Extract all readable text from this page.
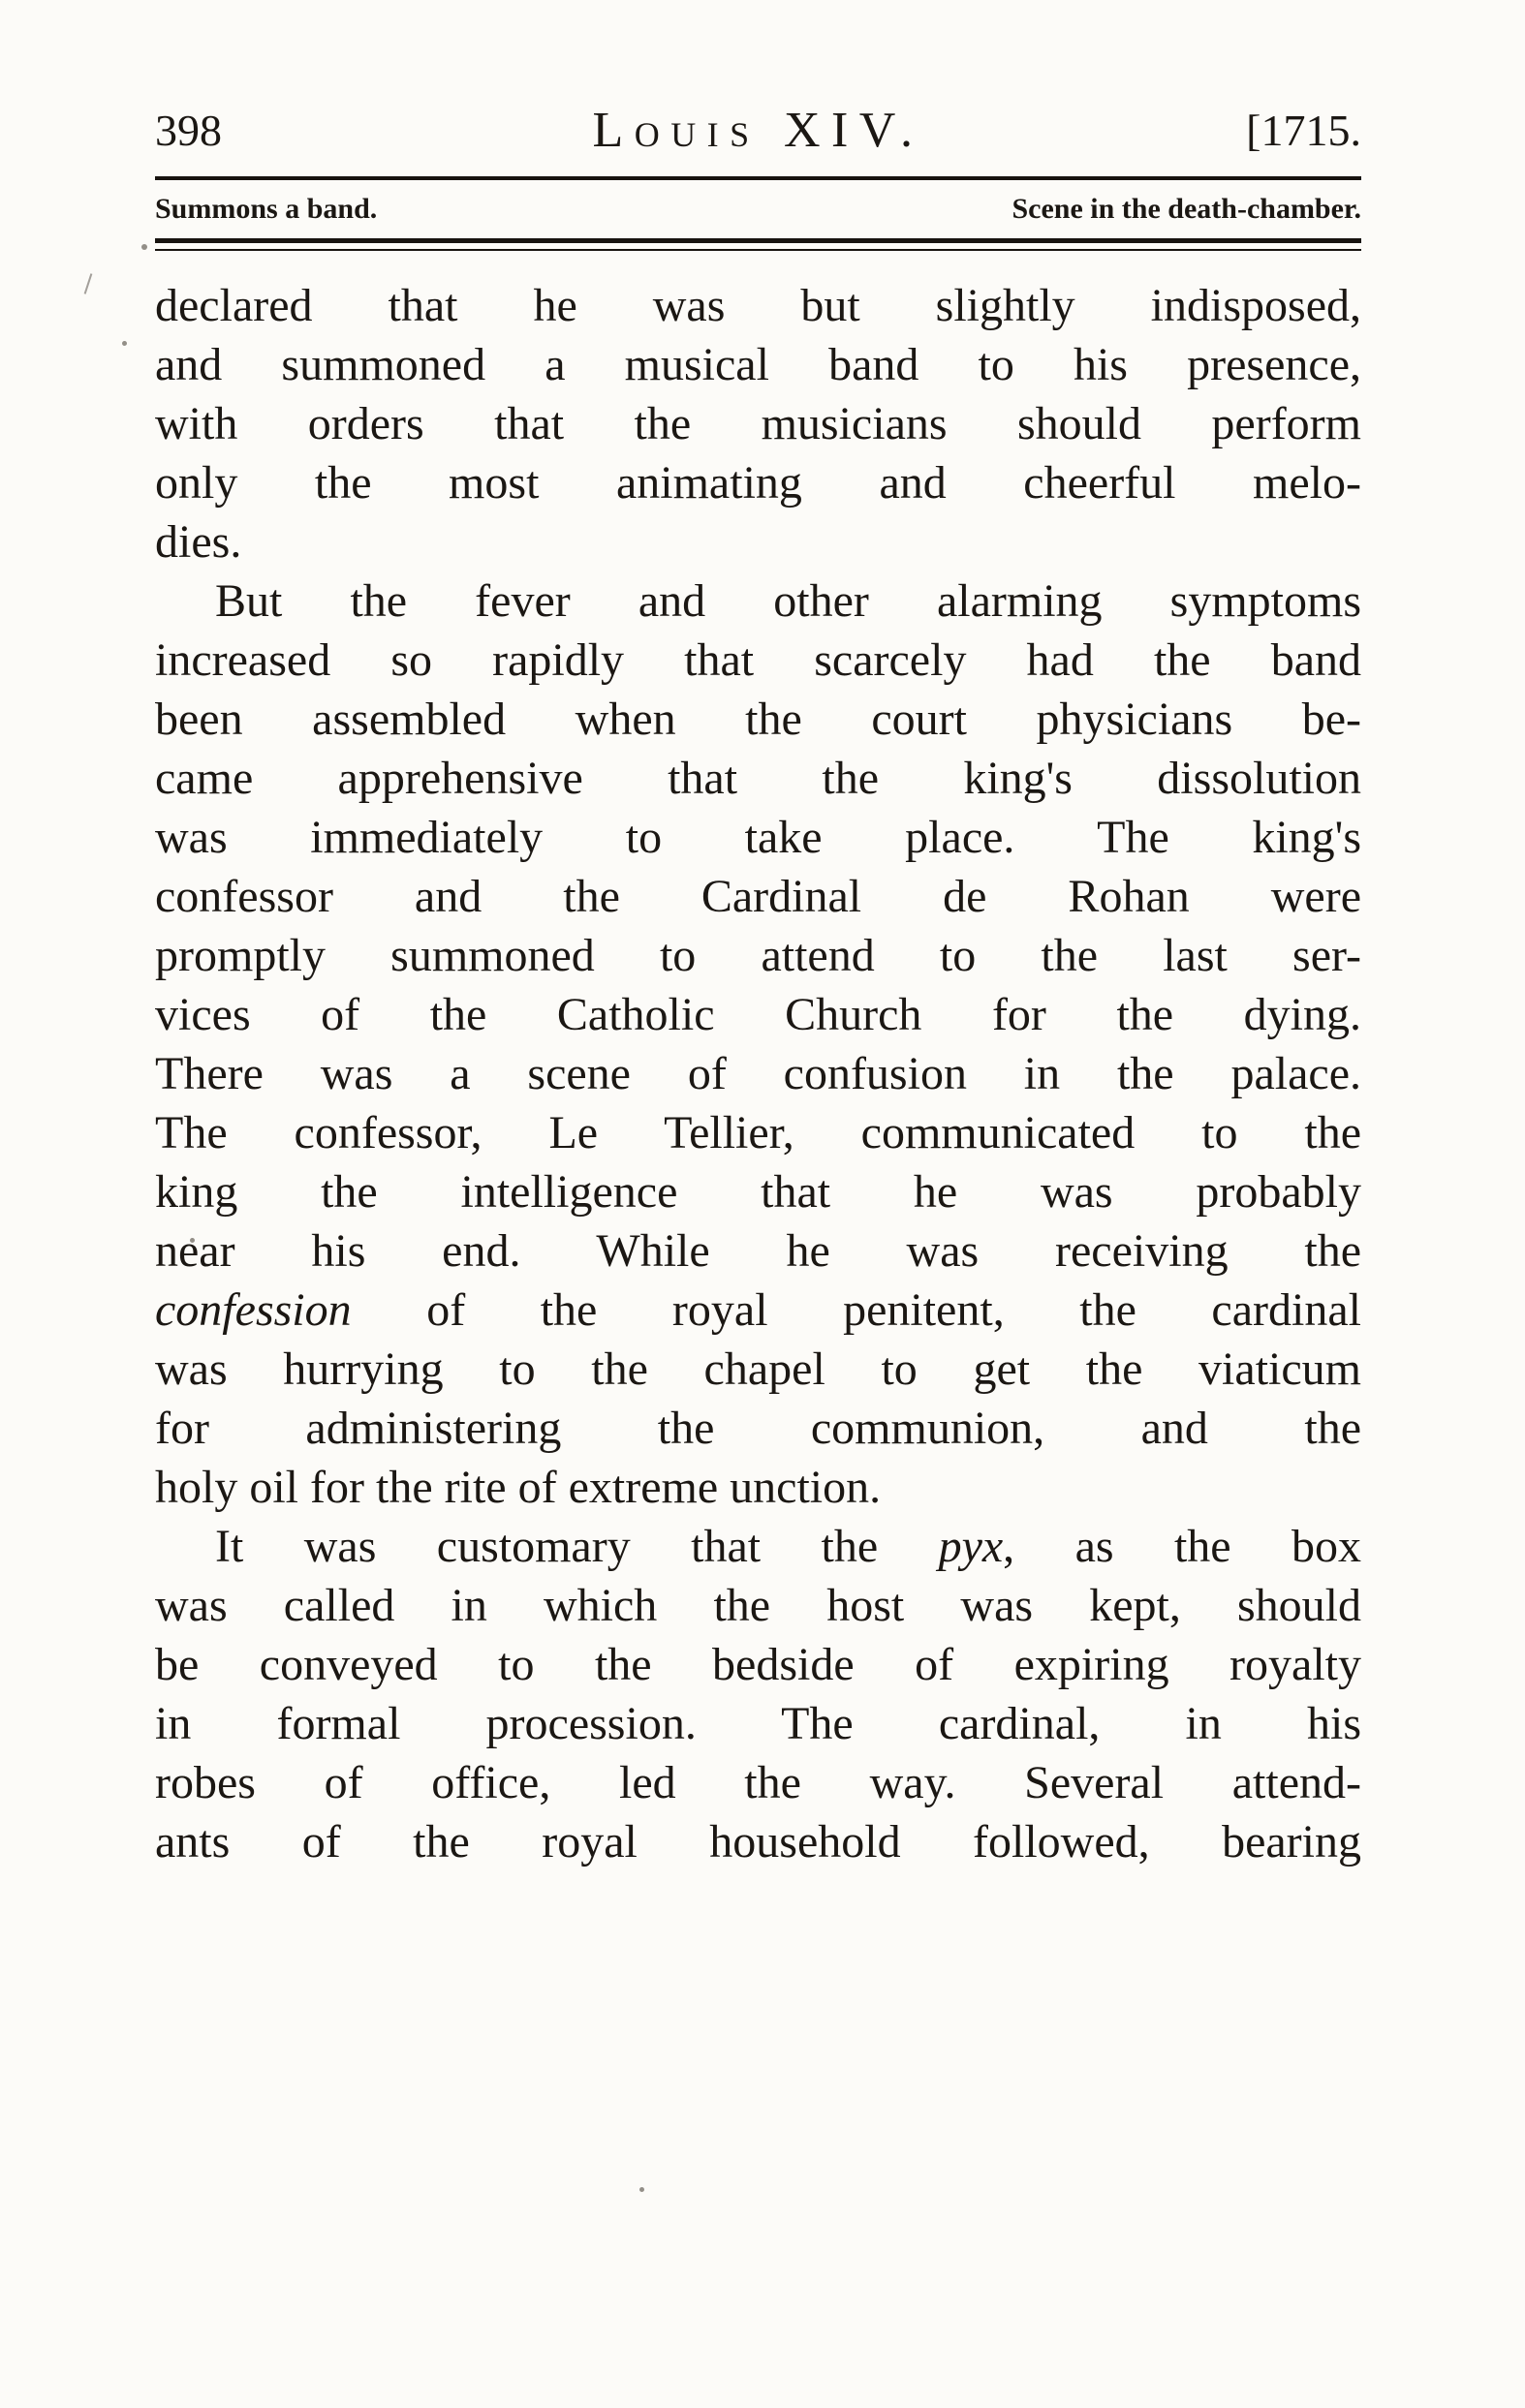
398	Louis XIV.	[1715.
Summons a band.	Scene in the death-chamber.
declared that he was but slightly indisposed,
and summoned a musical band to his presence,
with orders that the musicians should perform
only the most animating and cheerful melo-
dies.
But the fever and other alarming symptoms
increased so rapidly that scarcely had the band
been assembled when the court physicians be-
came apprehensive that the king's dissolution
was immediately to take place. The king's
confessor and the Cardinal de Rohan were
promptly summoned to attend to the last ser-
vices of the Catholic Church for the dying.
There was a scene of confusion in the palace.
The confessor, Le Tellier, communicated to the
king the intelligence that he was probably
near his end. While he was receiving the
confession of the royal penitent, the cardinal
was hurrying to the chapel to get the viaticum
for administering the communion, and the
holy oil for the rite of extreme unction.
It was customary that the pyx, as the box
was called in which the host was kept, should
be conveyed to the bedside of expiring royalty
in formal procession. The cardinal, in his
robes of office, led the way. Several attend-
ants of the royal household followed, bearing
